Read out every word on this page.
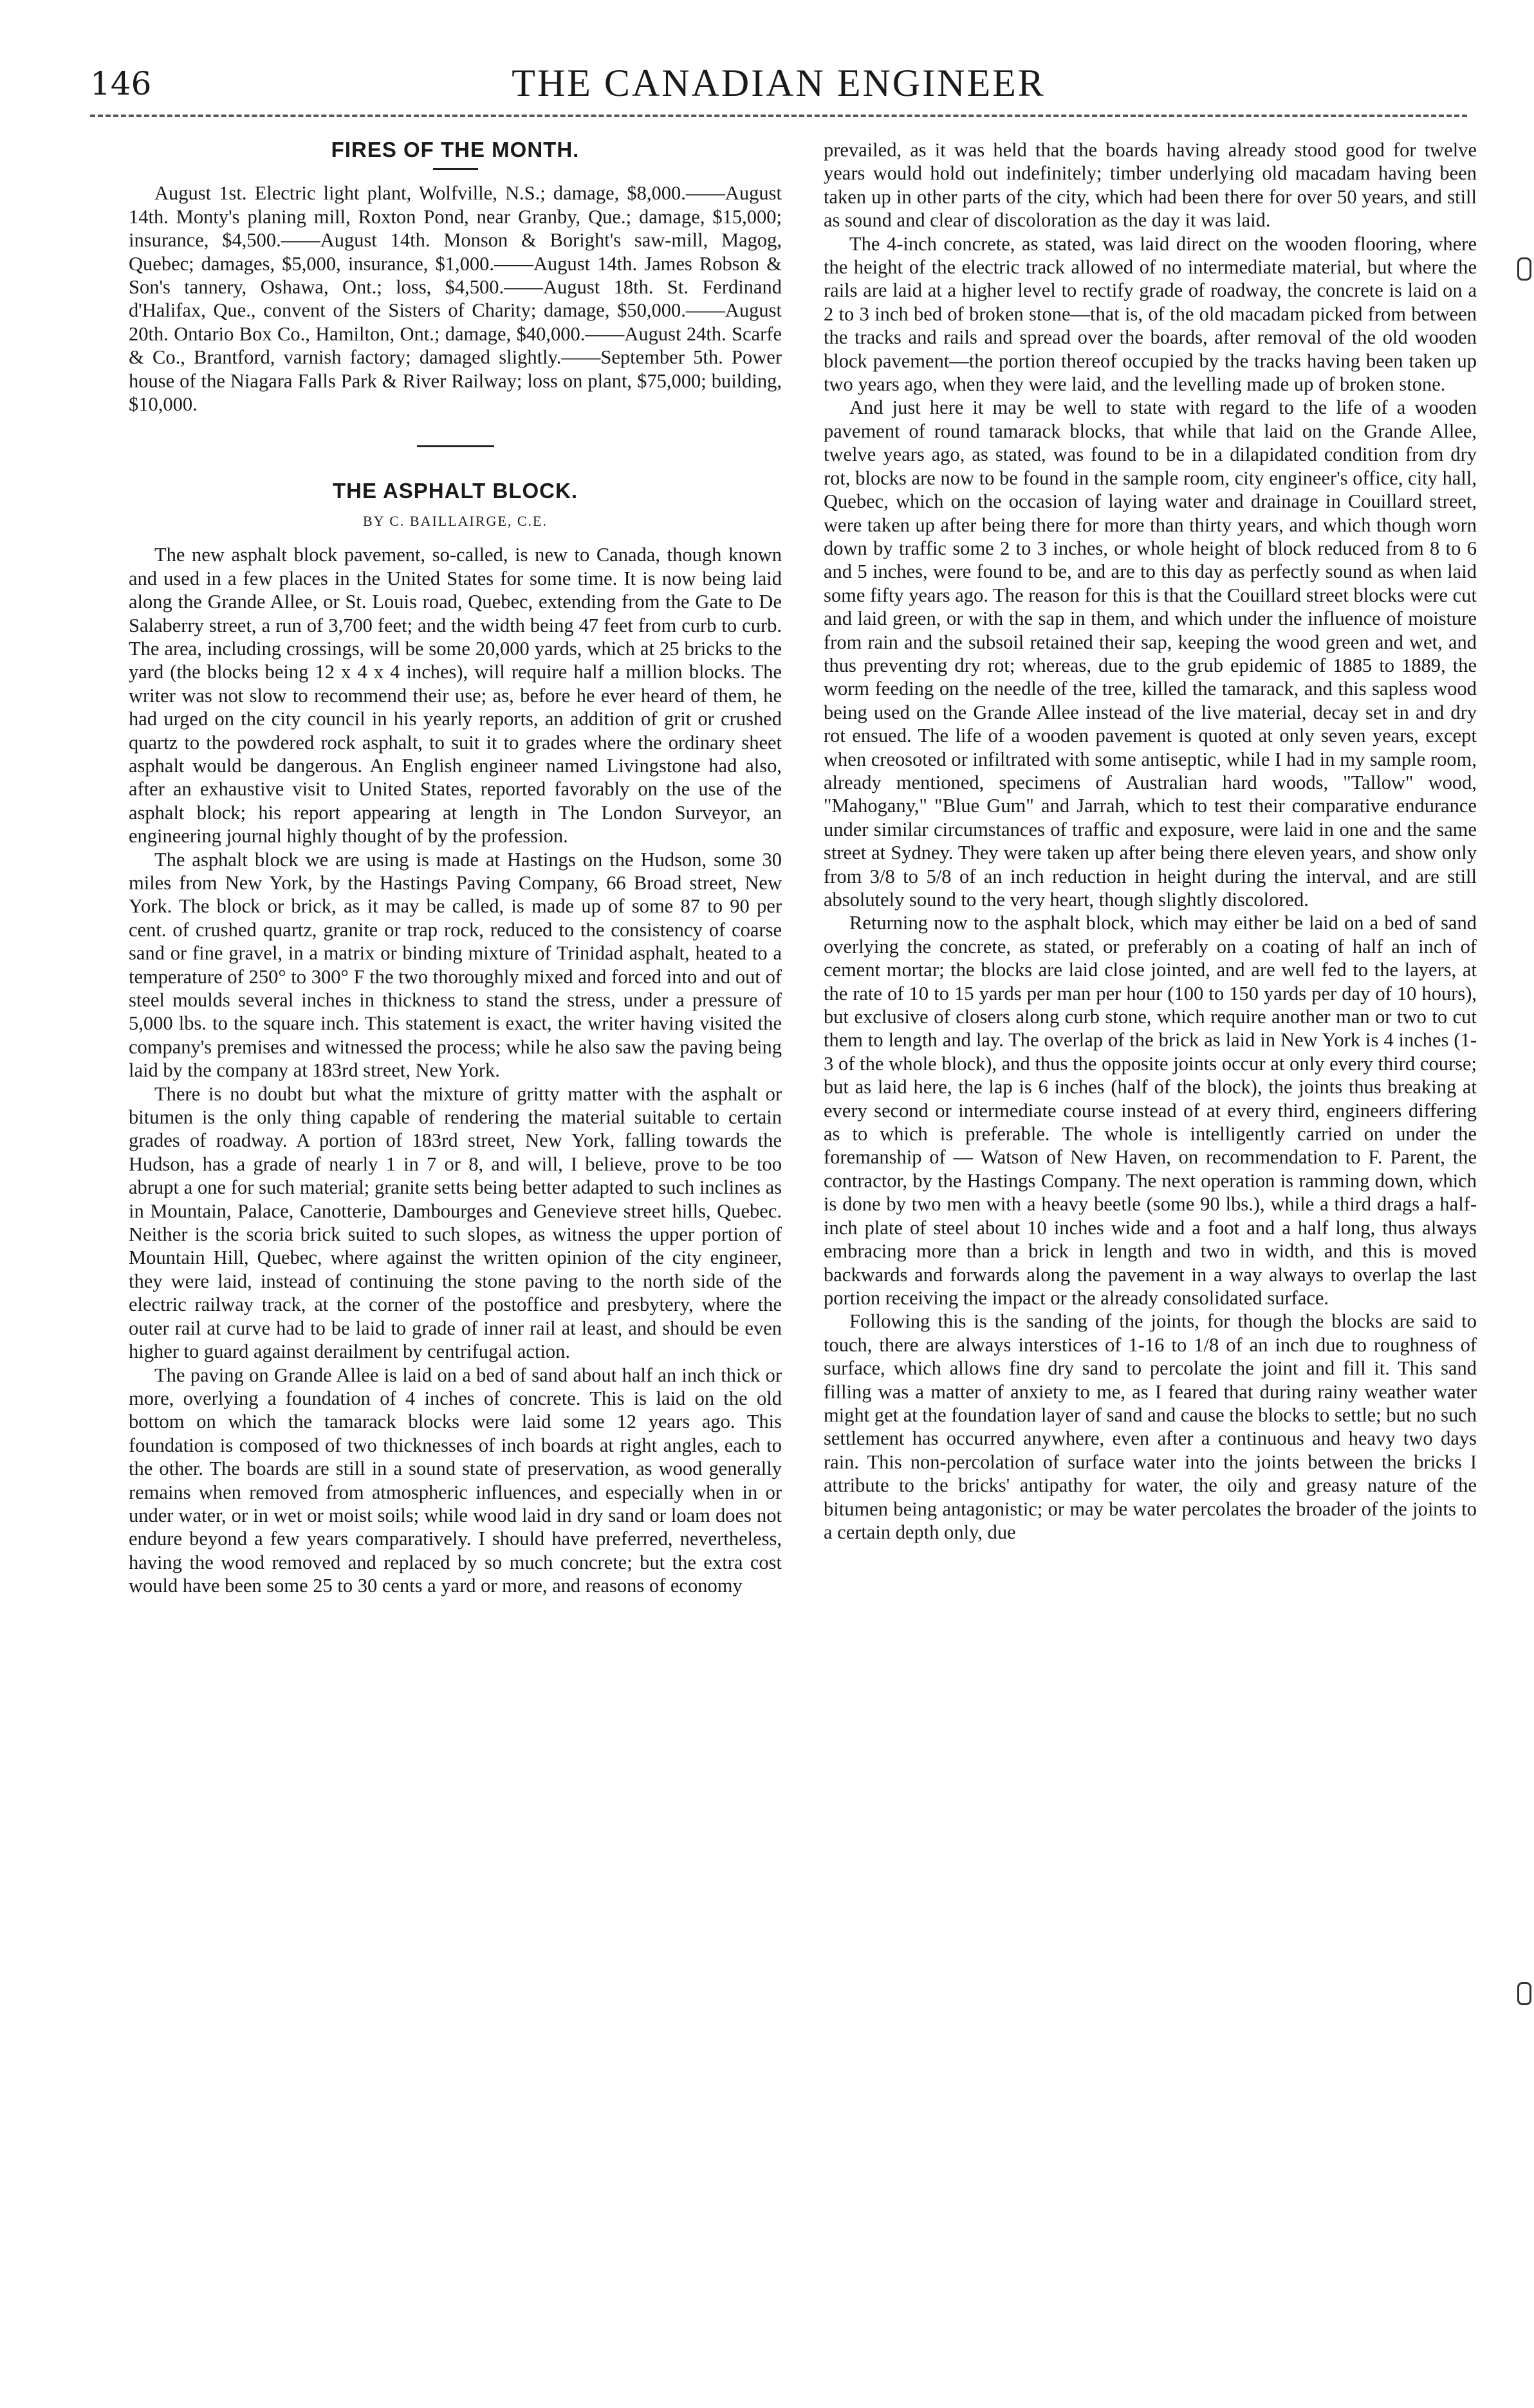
146	THE CANADIAN ENGINEER
FIRES OF THE MONTH.

August 1st. Electric light plant, Wolfville, N.S.; damage, $8,000.——August 14th. Monty's planing mill, Roxton Pond, near Granby, Que.; damage, $15,000; insurance, $4,500.——August 14th. Monson & Boright's saw-mill, Magog, Quebec; damages, $5,000, insurance, $1,000.——August 14th. James Robson & Son's tannery, Oshawa, Ont.; loss, $4,500.——August 18th. St. Ferdinand d'Halifax, Que., convent of the Sisters of Charity; damage, $50,000.——August 20th. Ontario Box Co., Hamilton, Ont.; damage, $40,000.——August 24th. Scarfe & Co., Brantford, varnish factory; damaged slightly.——September 5th. Power house of the Niagara Falls Park & River Railway; loss on plant, $75,000; building, $10,000.

THE ASPHALT BLOCK.
BY C. BAILLAIRGE, C.E.

The new asphalt block pavement, so-called, is new to Canada, though known and used in a few places in the United States for some time. It is now being laid along the Grande Allee, or St. Louis road, Quebec, extending from the Gate to De Salaberry street, a run of 3,700 feet; and the width being 47 feet from curb to curb. The area, including crossings, will be some 20,000 yards, which at 25 bricks to the yard (the blocks being 12 x 4 x 4 inches), will require half a million blocks. The writer was not slow to recommend their use; as, before he ever heard of them, he had urged on the city council in his yearly reports, an addition of grit or crushed quartz to the powdered rock asphalt, to suit it to grades where the ordinary sheet asphalt would be dangerous. An English engineer named Livingstone had also, after an exhaustive visit to United States, reported favorably on the use of the asphalt block; his report appearing at length in The London Surveyor, an engineering journal highly thought of by the profession.

The asphalt block we are using is made at Hastings on the Hudson, some 30 miles from New York, by the Hastings Paving Company, 66 Broad street, New York. The block or brick, as it may be called, is made up of some 87 to 90 per cent. of crushed quartz, granite or trap rock, reduced to the consistency of coarse sand or fine gravel, in a matrix or binding mixture of Trinidad asphalt, heated to a temperature of 250° to 300° F the two thoroughly mixed and forced into and out of steel moulds several inches in thickness to stand the stress, under a pressure of 5,000 lbs. to the square inch. This statement is exact, the writer having visited the company's premises and witnessed the process; while he also saw the paving being laid by the company at 183rd street, New York.

There is no doubt but what the mixture of gritty matter with the asphalt or bitumen is the only thing capable of rendering the material suitable to certain grades of roadway. A portion of 183rd street, New York, falling towards the Hudson, has a grade of nearly 1 in 7 or 8, and will, I believe, prove to be too abrupt a one for such material; granite setts being better adapted to such inclines as in Mountain, Palace, Canotterie, Dambourges and Genevieve street hills, Quebec. Neither is the scoria brick suited to such slopes, as witness the upper portion of Mountain Hill, Quebec, where against the written opinion of the city engineer, they were laid, instead of continuing the stone paving to the north side of the electric railway track, at the corner of the postoffice and presbytery, where the outer rail at curve had to be laid to grade of inner rail at least, and should be even higher to guard against derailment by centrifugal action.

The paving on Grande Allee is laid on a bed of sand about half an inch thick or more, overlying a foundation of 4 inches of concrete. This is laid on the old bottom on which the tamarack blocks were laid some 12 years ago. This foundation is composed of two thicknesses of inch boards at right angles, each to the other. The boards are still in a sound state of preservation, as wood generally remains when removed from atmospheric influences, and especially when in or under water, or in wet or moist soils; while wood laid in dry sand or loam does not endure beyond a few years comparatively. I should have preferred, nevertheless, having the wood removed and replaced by so much concrete; but the extra cost would have been some 25 to 30 cents a yard or more, and reasons of economy

prevailed, as it was held that the boards having already stood good for twelve years would hold out indefinitely; timber underlying old macadam having been taken up in other parts of the city, which had been there for over 50 years, and still as sound and clear of discoloration as the day it was laid.

The 4-inch concrete, as stated, was laid direct on the wooden flooring, where the height of the electric track allowed of no intermediate material, but where the rails are laid at a higher level to rectify grade of roadway, the concrete is laid on a 2 to 3 inch bed of broken stone—that is, of the old macadam picked from between the tracks and rails and spread over the boards, after removal of the old wooden block pavement—the portion thereof occupied by the tracks having been taken up two years ago, when they were laid, and the levelling made up of broken stone.

And just here it may be well to state with regard to the life of a wooden pavement of round tamarack blocks, that while that laid on the Grande Allee, twelve years ago, as stated, was found to be in a dilapidated condition from dry rot, blocks are now to be found in the sample room, city engineer's office, city hall, Quebec, which on the occasion of laying water and drainage in Couillard street, were taken up after being there for more than thirty years, and which though worn down by traffic some 2 to 3 inches, or whole height of block reduced from 8 to 6 and 5 inches, were found to be, and are to this day as perfectly sound as when laid some fifty years ago. The reason for this is that the Couillard street blocks were cut and laid green, or with the sap in them, and which under the influence of moisture from rain and the subsoil retained their sap, keeping the wood green and wet, and thus preventing dry rot; whereas, due to the grub epidemic of 1885 to 1889, the worm feeding on the needle of the tree, killed the tamarack, and this sapless wood being used on the Grande Allee instead of the live material, decay set in and dry rot ensued. The life of a wooden pavement is quoted at only seven years, except when creosoted or infiltrated with some antiseptic, while I had in my sample room, already mentioned, specimens of Australian hard woods, "Tallow" wood, "Mahogany," "Blue Gum" and Jarrah, which to test their comparative endurance under similar circumstances of traffic and exposure, were laid in one and the same street at Sydney. They were taken up after being there eleven years, and show only from 3/8 to 5/8 of an inch reduction in height during the interval, and are still absolutely sound to the very heart, though slightly discolored.

Returning now to the asphalt block, which may either be laid on a bed of sand overlying the concrete, as stated, or preferably on a coating of half an inch of cement mortar; the blocks are laid close jointed, and are well fed to the layers, at the rate of 10 to 15 yards per man per hour (100 to 150 yards per day of 10 hours), but exclusive of closers along curb stone, which require another man or two to cut them to length and lay. The overlap of the brick as laid in New York is 4 inches (1-3 of the whole block), and thus the opposite joints occur at only every third course; but as laid here, the lap is 6 inches (half of the block), the joints thus breaking at every second or intermediate course instead of at every third, engineers differing as to which is preferable. The whole is intelligently carried on under the foremanship of — Watson of New Haven, on recommendation to F. Parent, the contractor, by the Hastings Company. The next operation is ramming down, which is done by two men with a heavy beetle (some 90 lbs.), while a third drags a half-inch plate of steel about 10 inches wide and a foot and a half long, thus always embracing more than a brick in length and two in width, and this is moved backwards and forwards along the pavement in a way always to overlap the last portion receiving the impact or the already consolidated surface.

Following this is the sanding of the joints, for though the blocks are said to touch, there are always interstices of 1-16 to 1/8 of an inch due to roughness of surface, which allows fine dry sand to percolate the joint and fill it. This sand filling was a matter of anxiety to me, as I feared that during rainy weather water might get at the foundation layer of sand and cause the blocks to settle; but no such settlement has occurred anywhere, even after a continuous and heavy two days rain. This non-percolation of surface water into the joints between the bricks I attribute to the bricks' antipathy for water, the oily and greasy nature of the bitumen being antagonistic; or may be water percolates the broader of the joints to a certain depth only, due
